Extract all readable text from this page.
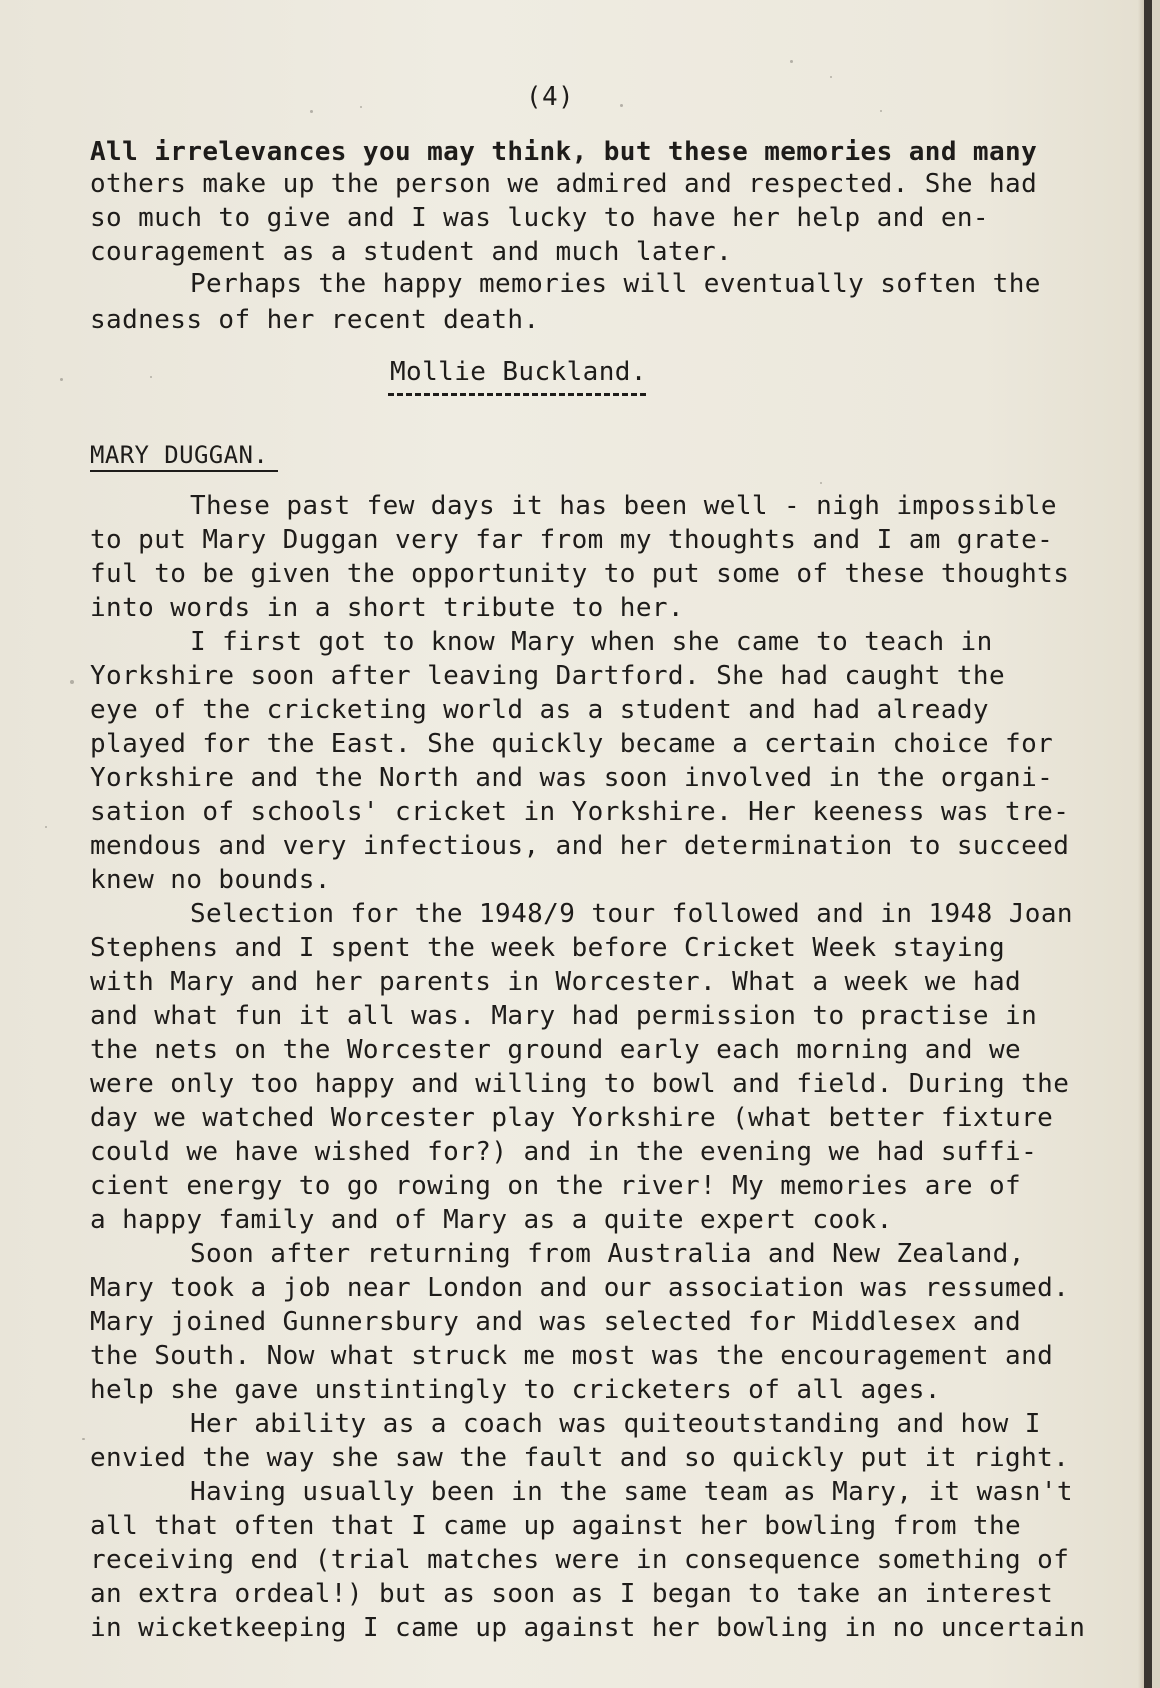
(4)
All irrelevances you may think, but these memories and many
others make up the person we admired and respected. She had
so much to give and I was lucky to have her help and en-
couragement as a student and much later.
Perhaps the happy memories will eventually soften the
sadness of her recent death.
Mollie Buckland.
MARY DUGGAN.
These past few days it has been well - nigh impossible
to put Mary Duggan very far from my thoughts and I am grate-
ful to be given the opportunity to put some of these thoughts
into words in a short tribute to her.
I first got to know Mary when she came to teach in
Yorkshire soon after leaving Dartford. She had caught the
eye of the cricketing world as a student and had already
played for the East. She quickly became a certain choice for
Yorkshire and the North and was soon involved in the organi-
sation of schools' cricket in Yorkshire. Her keeness was tre-
mendous and very infectious, and her determination to succeed
knew no bounds.
Selection for the 1948/9 tour followed and in 1948 Joan
Stephens and I spent the week before Cricket Week staying
with Mary and her parents in Worcester. What a week we had
and what fun it all was. Mary had permission to practise in
the nets on the Worcester ground early each morning and we
were only too happy and willing to bowl and field. During the
day we watched Worcester play Yorkshire (what better fixture
could we have wished for?) and in the evening we had suffi-
cient energy to go rowing on the river! My memories are of
a happy family and of Mary as a quite expert cook.
Soon after returning from Australia and New Zealand,
Mary took a job near London and our association was ressumed.
Mary joined Gunnersbury and was selected for Middlesex and
the South. Now what struck me most was the encouragement and
help she gave unstintingly to cricketers of all ages.
Her ability as a coach was quiteoutstanding and how I
envied the way she saw the fault and so quickly put it right.
Having usually been in the same team as Mary, it wasn't
all that often that I came up against her bowling from the
receiving end (trial matches were in consequence something of
an extra ordeal!) but as soon as I began to take an interest
in wicketkeeping I came up against her bowling in no uncertain
